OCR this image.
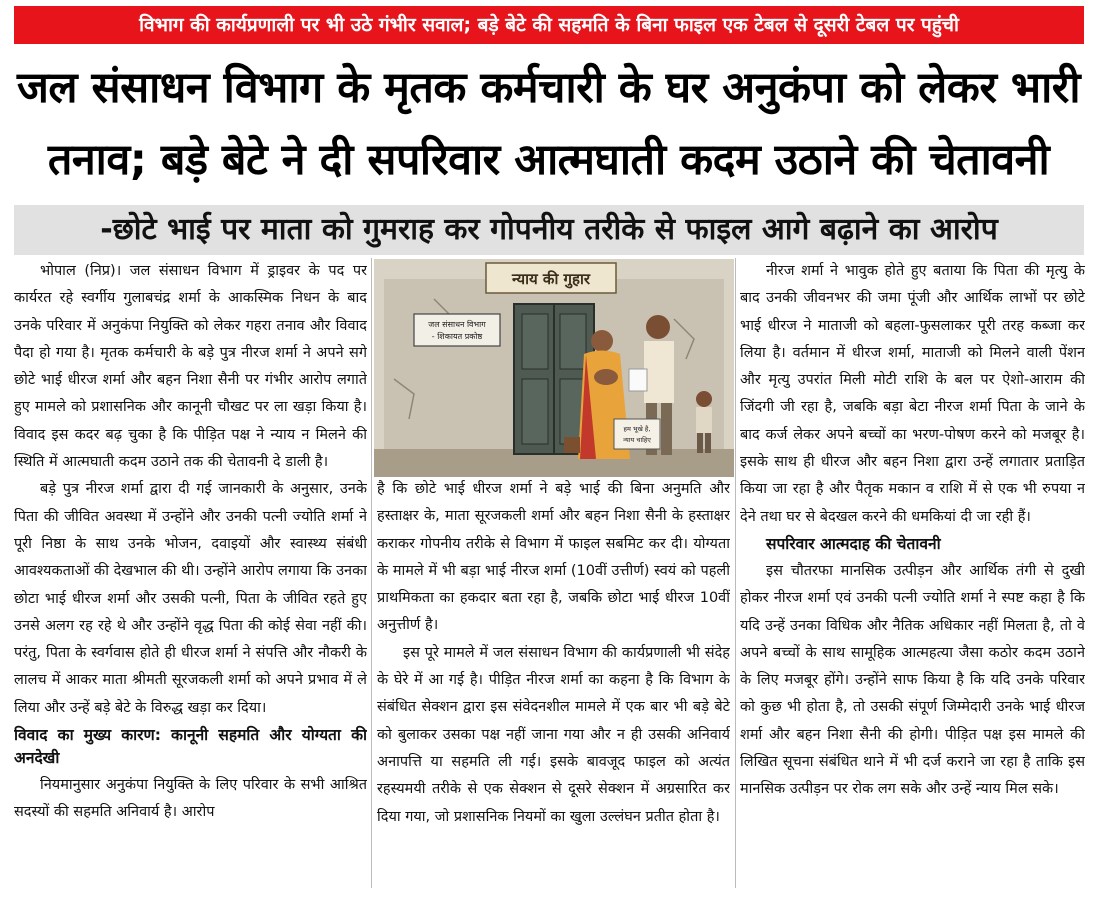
विभाग की कार्यप्रणाली पर भी उठे गंभीर सवाल; बड़े बेटे की सहमति के बिना फाइल एक टेबल से दूसरी टेबल पर पहुंची
जल संसाधन विभाग के मृतक कर्मचारी के घर अनुकंपा को लेकर भारी
तनाव; बड़े बेटे ने दी सपरिवार आत्मघाती कदम उठाने की चेतावनी
-छोटे भाई पर माता को गुमराह कर गोपनीय तरीके से फाइल आगे बढ़ाने का आरोप
न्याय की गुहार
जल संसाधन विभाग
- शिकायत प्रकोष्ठ
हम भूखे है,
न्याय चाहिए

भोपाल (निप्र)। जल संसाधन विभाग में ड्राइवर के पद पर कार्यरत रहे स्वर्गीय गुलाबचंद्र शर्मा के आकस्मिक निधन के बाद उनके परिवार में अनुकंपा नियुक्ति को लेकर गहरा तनाव और विवाद पैदा हो गया है। मृतक कर्मचारी के बड़े पुत्र नीरज शर्मा ने अपने सगे छोटे भाई धीरज शर्मा और बहन निशा सैनी पर गंभीर आरोप लगाते हुए मामले को प्रशासनिक और कानूनी चौखट पर ला खड़ा किया है। विवाद इस कदर बढ़ चुका है कि पीड़ित पक्ष ने न्याय न मिलने की स्थिति में आत्मघाती कदम उठाने तक की चेतावनी दे डाली है।

बड़े पुत्र नीरज शर्मा द्वारा दी गई जानकारी के अनुसार, उनके पिता की जीवित अवस्था में उन्होंने और उनकी पत्नी ज्योति शर्मा ने पूरी निष्ठा के साथ उनके भोजन, दवाइयों और स्वास्थ्य संबंधी आवश्यकताओं की देखभाल की थी। उन्होंने आरोप लगाया कि उनका छोटा भाई धीरज शर्मा और उसकी पत्नी, पिता के जीवित रहते हुए उनसे अलग रह रहे थे और उन्होंने वृद्ध पिता की कोई सेवा नहीं की। परंतु, पिता के स्वर्गवास होते ही धीरज शर्मा ने संपत्ति और नौकरी के लालच में आकर माता श्रीमती सूरजकली शर्मा को अपने प्रभाव में ले लिया और उन्हें बड़े बेटे के विरुद्ध खड़ा कर दिया।

विवाद का मुख्य कारण: कानूनी सहमति और योग्यता की अनदेखी

नियमानुसार अनुकंपा नियुक्ति के लिए परिवार के सभी आश्रित सदस्यों की सहमति अनिवार्य है। आरोप

है कि छोटे भाई धीरज शर्मा ने बड़े भाई की बिना अनुमति और हस्ताक्षर के, माता सूरजकली शर्मा और बहन निशा सैनी के हस्ताक्षर कराकर गोपनीय तरीके से विभाग में फाइल सबमिट कर दी। योग्यता के मामले में भी बड़ा भाई नीरज शर्मा (10वीं उत्तीर्ण) स्वयं को पहली प्राथमिकता का हकदार बता रहा है, जबकि छोटा भाई धीरज 10वीं अनुत्तीर्ण है।

इस पूरे मामले में जल संसाधन विभाग की कार्यप्रणाली भी संदेह के घेरे में आ गई है। पीड़ित नीरज शर्मा का कहना है कि विभाग के संबंधित सेक्शन द्वारा इस संवेदनशील मामले में एक बार भी बड़े बेटे को बुलाकर उसका पक्ष नहीं जाना गया और न ही उसकी अनिवार्य अनापत्ति या सहमति ली गई। इसके बावजूद फाइल को अत्यंत रहस्यमयी तरीके से एक सेक्शन से दूसरे सेक्शन में अग्रसारित कर दिया गया, जो प्रशासनिक नियमों का खुला उल्लंघन प्रतीत होता है।

नीरज शर्मा ने भावुक होते हुए बताया कि पिता की मृत्यु के बाद उनकी जीवनभर की जमा पूंजी और आर्थिक लाभों पर छोटे भाई धीरज ने माताजी को बहला-फुसलाकर पूरी तरह कब्जा कर लिया है। वर्तमान में धीरज शर्मा, माताजी को मिलने वाली पेंशन और मृत्यु उपरांत मिली मोटी राशि के बल पर ऐशो-आराम की जिंदगी जी रहा है, जबकि बड़ा बेटा नीरज शर्मा पिता के जाने के बाद कर्ज लेकर अपने बच्चों का भरण-पोषण करने को मजबूर है। इसके साथ ही धीरज और बहन निशा द्वारा उन्हें लगातार प्रताड़ित किया जा रहा है और पैतृक मकान व राशि में से एक भी रुपया न देने तथा घर से बेदखल करने की धमकियां दी जा रही हैं।

सपरिवार आत्मदाह की चेतावनी

इस चौतरफा मानसिक उत्पीड़न और आर्थिक तंगी से दुखी होकर नीरज शर्मा एवं उनकी पत्नी ज्योति शर्मा ने स्पष्ट कहा है कि यदि उन्हें उनका विधिक और नैतिक अधिकार नहीं मिलता है, तो वे अपने बच्चों के साथ सामूहिक आत्महत्या जैसा कठोर कदम उठाने के लिए मजबूर होंगे। उन्होंने साफ किया है कि यदि उनके परिवार को कुछ भी होता है, तो उसकी संपूर्ण जिम्मेदारी उनके भाई धीरज शर्मा और बहन निशा सैनी की होगी। पीड़ित पक्ष इस मामले की लिखित सूचना संबंधित थाने में भी दर्ज कराने जा रहा है ताकि इस मानसिक उत्पीड़न पर रोक लग सके और उन्हें न्याय मिल सके।
